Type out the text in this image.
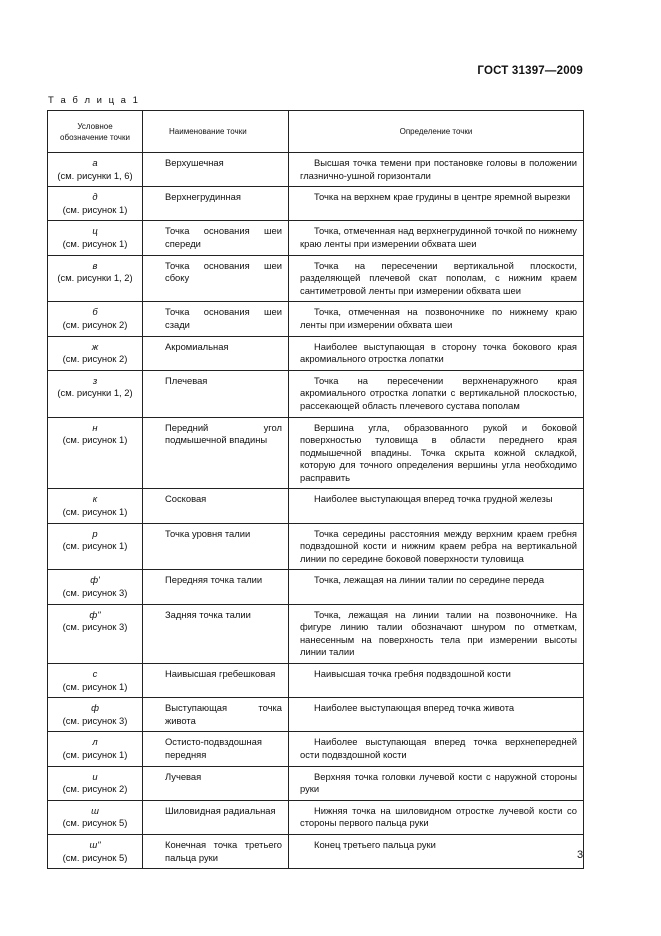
ГОСТ 31397—2009
Т а б л и ц а 1
Условное обозначение точки	Наименование точки	Определение точки

а
(см. рисунки 1, 6)	Верхушечная	Высшая точка темени при постановке головы в положении глазнично-ушной горизонтали

д
(см. рисунок 1)	Верхнегрудинная	Точка на верхнем крае грудины в центре яремной вырезки

ц
(см. рисунок 1)	Точка основания шеи спереди	Точка, отмеченная над верхнегрудинной точкой по нижнему краю ленты при измерении обхвата шеи

в
(см. рисунки 1, 2)	Точка основания шеи сбоку	Точка на пересечении вертикальной плоскости, разделяющей плечевой скат пополам, с нижним краем сантиметровой ленты при измерении обхвата шеи

б
(см. рисунок 2)	Точка основания шеи сзади	Точка, отмеченная на позвоночнике по нижнему краю ленты при измерении обхвата шеи

ж
(см. рисунок 2)	Акромиальная	Наиболее выступающая в сторону точка бокового края акромиального отростка лопатки

з
(см. рисунки 1, 2)	Плечевая	Точка на пересечении верхненаружного края акромиального отростка лопатки с вертикальной плоскостью, рассекающей область плечевого сустава пополам

н
(см. рисунок 1)	Передний угол подмышечной впадины	Вершина угла, образованного рукой и боковой поверхностью туловища в области переднего края подмышечной впадины. Точка скрыта кожной складкой, которую для точного определения вершины угла необходимо расправить

к
(см. рисунок 1)	Сосковая	Наиболее выступающая вперед точка грудной железы

р
(см. рисунок 1)	Точка уровня талии	Точка середины расстояния между верхним краем гребня подвздошной кости и нижним краем ребра на вертикальной линии по середине боковой поверхности туловища

ф'
(см. рисунок 3)	Передняя точка талии	Точка, лежащая на линии талии по середине переда

ф"
(см. рисунок 3)	Задняя точка талии	Точка, лежащая на линии талии на позвоночнике. На фигуре линию талии обозначают шнуром по отметкам, нанесенным на поверхность тела при измерении высоты линии талии

с
(см. рисунок 1)	Наивысшая гребешковая	Наивысшая точка гребня подвздошной кости

ф
(см. рисунок 3)	Выступающая точка живота	Наиболее выступающая вперед точка живота

л
(см. рисунок 1)	Остисто-подвздошная передняя	Наиболее выступающая вперед точка верхнепередней ости подвздошной кости

и
(см. рисунок 2)	Лучевая	Верхняя точка головки лучевой кости с наружной стороны руки

ш
(см. рисунок 5)	Шиловидная радиальная	Нижняя точка на шиловидном отростке лучевой кости со стороны первого пальца руки

ш"
(см. рисунок 5)	Конечная точка третьего пальца руки	Конец третьего пальца руки
3
